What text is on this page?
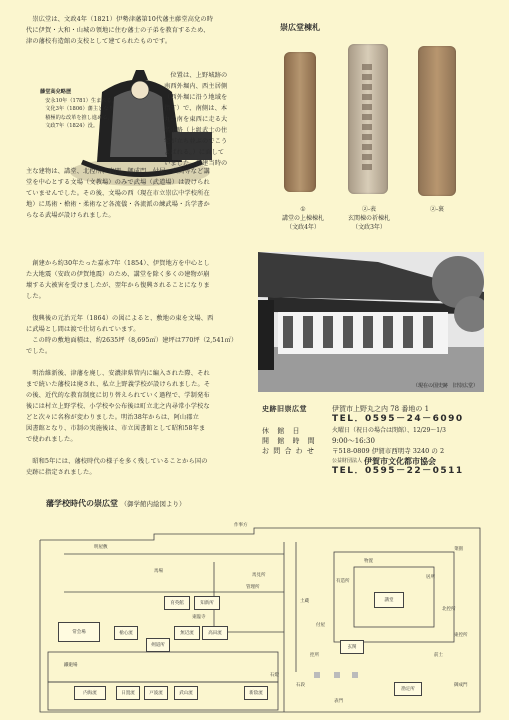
　崇広堂は、文政4年（1821）伊勢津藩第10代藩主藤堂高兌の時
代に伊賀・大和・山城の領地に住む藩士の子弟を教育するため、
津の藩校有造館の支校として建てられたものです。
藤堂高兌略歴
　安永10年（1781）生まれる。
　文化3年（1806）藩主となり
　積極的な改革を推し進める。
　文政7年（1824）没。
　位置は、上野城跡の
南西外堀内、西主居側
（西外堀に沿う地域を
指す）で、南側は、本
丸の南を東西に走る大
名小路（上級武士の住
宅が立ち並ぶのでこう
よばれる。）に面して
いました。創建当時の
主な建物は、講堂、北控所、表門、御成門、付屋、玄関等など講
堂を中心とする文場（文教場）のみで武場（武道場）は設けられ
ていませんでした。その後、文場の西（現在市立崇広中学校所在
地）に馬術・槍術・柔術など各流儀・各流派の練武場・兵学書か
らなる武場が設けられました。
崇広堂棟札
①
講堂の上棟棟札
（文政4年）
②-表
玄関棟の祈棟札
（文政3年）
②-裏
　創建から約30年たった嘉永7年（1854）、伊賀地方を中心とし
た大地震（安政の伊賀地震）のため、講堂を除く多くの建物が崩
壊する大被害を受けましたが、翌年から復興されることになりま
した。

　復興後の元治元年（1864）の図によると、敷地の東を文場、西
に武場とし間は渡で仕切られています。
　この時の敷地面積は、約2635坪（8,695㎡）建坪は770坪（2,541㎡）
でした。

　明治維新後、津藩を廃し、安濃津県管内に編入された際、それ
まで続いた藩校は廃され、私立上野義学校が設けられました。そ
の後、近代的な教育制度に切り替えられていく過程で、学制発布
後には村立上野学校、小学校や公布後は町立北之内尋常小学校な
どと次々に名称が変わりました。明治38年からは、阿山郡立
図書館となり、市制の実施後は、市立図書館として昭和58年ま
で使われました。

　昭和5年には、藩校時代の様子を多く残していることから国の
史跡に指定されました。
（現在の国史跡　旧崇広堂）
史跡旧崇広堂	伊賀市上野丸之内 78 番地の 1
TEL．0595－24－6090
休 館 日	火曜日（祝日の場合は閉館）、12/29～1/3
開 館 時 間	9:00～16:30
お 問 合 わ せ	〒518-0809 伊賀市西明寺 3240 の 2
公益財団法人 伊賀市文化都市協会
TEL．0595－22－0511
藩学校時代の崇広堂 （御学館内絵図より）
作事方
明屋敷
馬場
育英館	知新所
東臨寺
馬見所
管理所
菜園
北控所
東控所
常会場	槍心流
剣道所
無辺流	高田流
内海流
鐵砲場
日置流	戸波流	武山流	新陰流
表門
石燈
石段
土蔵
玄関
御成門
控所
講堂
勘定所
物置
居所
有造所
前土
付屋
